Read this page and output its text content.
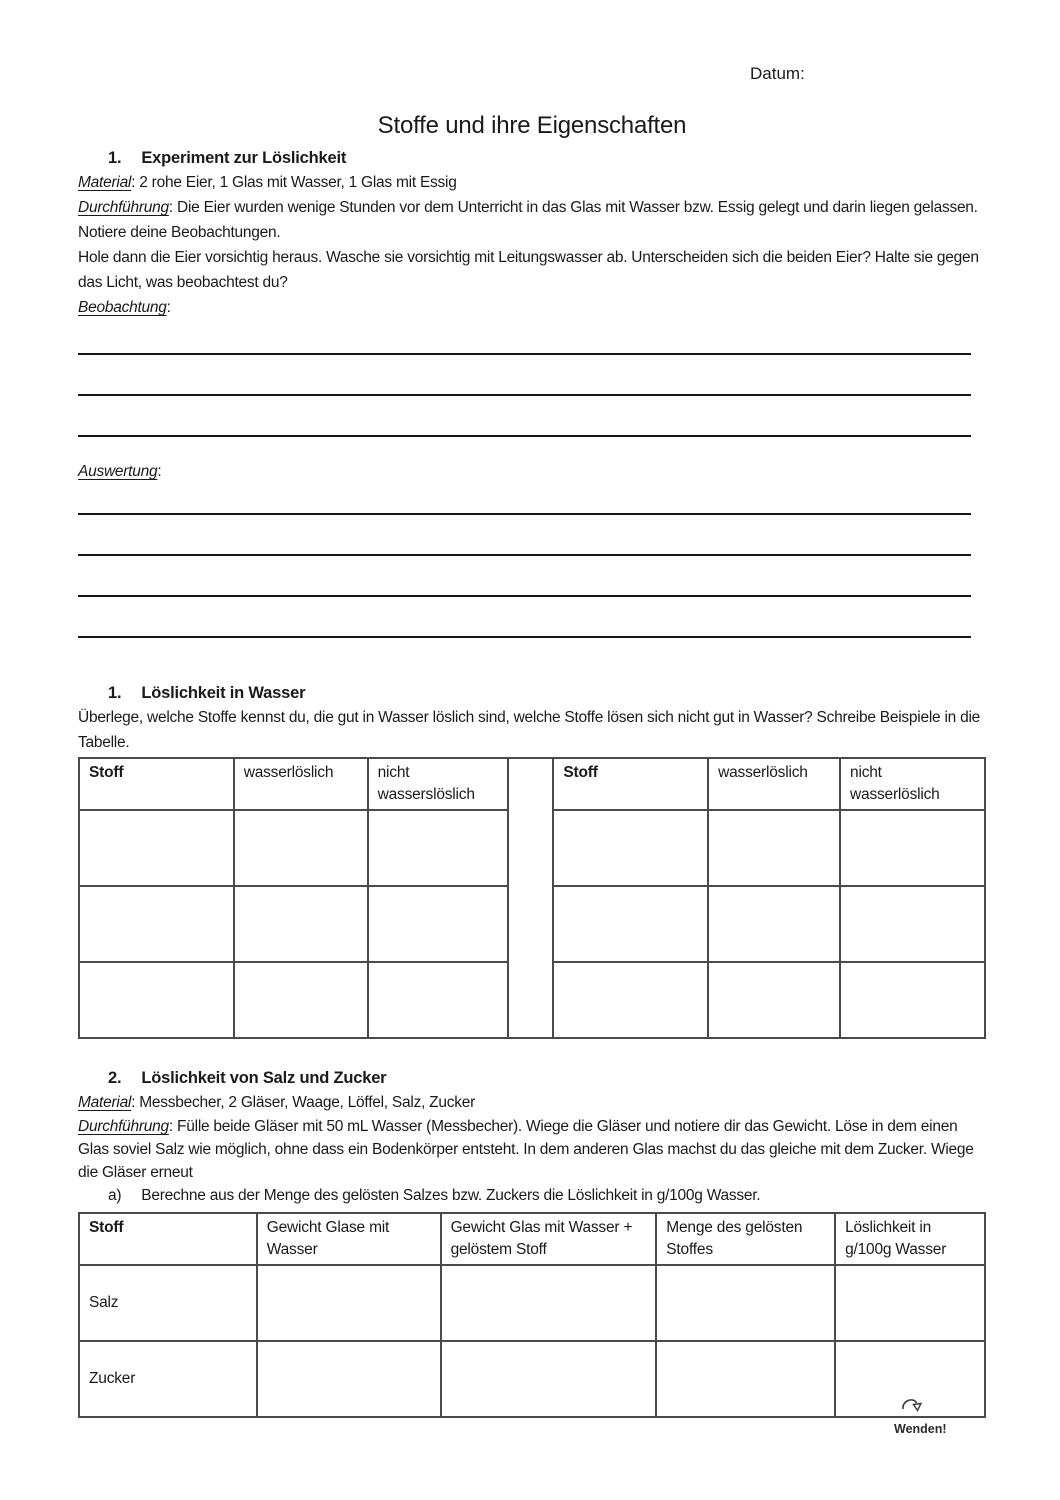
Datum:
Stoffe und ihre Eigenschaften
1. Experiment zur Löslichkeit

Material: 2 rohe Eier, 1 Glas mit Wasser, 1 Glas mit Essig

Durchführung: Die Eier wurden wenige Stunden vor dem Unterricht in das Glas mit Wasser bzw. Essig gelegt und darin liegen gelassen. Notiere deine Beobachtungen.

Hole dann die Eier vorsichtig heraus. Wasche sie vorsichtig mit Leitungswasser ab. Unterscheiden sich die beiden Eier? Halte sie gegen das Licht, was beobachtest du?

Beobachtung:

Auswertung:

1. Löslichkeit in Wasser

Überlege, welche Stoffe kennst du, die gut in Wasser löslich sind, welche Stoffe lösen sich nicht gut in Wasser? Schreibe Beispiele in die Tabelle.

Stoff	wasserlöslich	nicht wasserslöslich		Stoff	wasserlöslich	nicht wasserlöslich

2. Löslichkeit von Salz und Zucker

Material: Messbecher, 2 Gläser, Waage, Löffel, Salz, Zucker

Durchführung: Fülle beide Gläser mit 50 mL Wasser (Messbecher). Wiege die Gläser und notiere dir das Gewicht. Löse in dem einen Glas soviel Salz wie möglich, ohne dass ein Bodenkörper entsteht. In dem anderen Glas machst du das gleiche mit dem Zucker. Wiege die Gläser erneut

a) Berechne aus der Menge des gelösten Salzes bzw. Zuckers die Löslichkeit in g/100g Wasser.
Stoff	Gewicht Glase mit Wasser	Gewicht Glas mit Wasser + gelöstem Stoff	Menge des gelösten Stoffes	Löslichkeit in g/100g Wasser
Salz				
Zucker				
Wenden!
